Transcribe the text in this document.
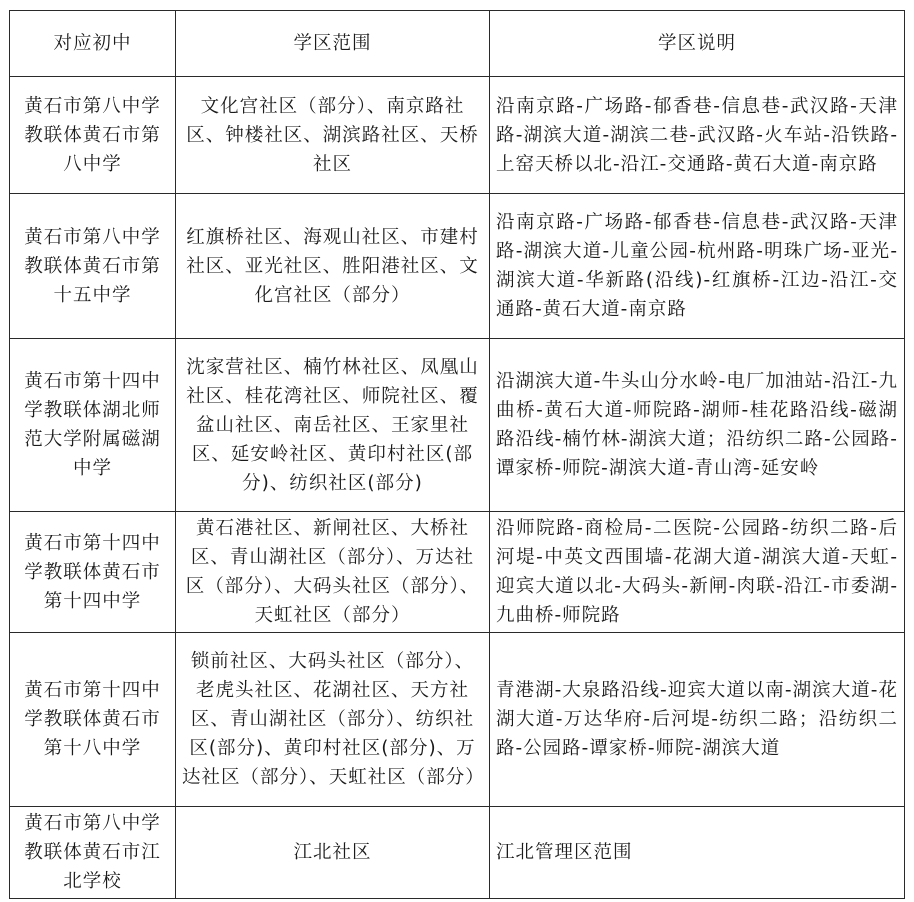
对应初中	学区范围	学区说明
黄石市第八中学教联体黄石市第八中学	文化宫社区（部分）、南京路社区、钟楼社区、湖滨路社区、天桥社区	沿南京路-广场路-郁香巷-信息巷-武汉路-天津路-湖滨大道-湖滨二巷-武汉路-火车站-沿铁路-上窑天桥以北-沿江-交通路-黄石大道-南京路
黄石市第八中学教联体黄石市第十五中学	红旗桥社区、海观山社区、市建村社区、亚光社区、胜阳港社区、文化宫社区（部分）	沿南京路-广场路-郁香巷-信息巷-武汉路-天津路-湖滨大道-儿童公园-杭州路-明珠广场-亚光-湖滨大道-华新路(沿线)-红旗桥-江边-沿江-交通路-黄石大道-南京路
黄石市第十四中学教联体湖北师范大学附属磁湖中学	沈家营社区、楠竹林社区、凤凰山社区、桂花湾社区、师院社区、覆盆山社区、南岳社区、王家里社区、延安岭社区、黄印村社区(部分)、纺织社区(部分)	沿湖滨大道-牛头山分水岭-电厂加油站-沿江-九曲桥-黄石大道-师院路-湖师-桂花路沿线-磁湖路沿线-楠竹林-湖滨大道；沿纺织二路-公园路-谭家桥-师院-湖滨大道-青山湾-延安岭
黄石市第十四中学教联体黄石市第十四中学	黄石港社区、新闸社区、大桥社区、青山湖社区（部分）、万达社区（部分）、大码头社区（部分）、天虹社区（部分）	沿师院路-商检局-二医院-公园路-纺织二路-后河堤-中英文西围墙-花湖大道-湖滨大道-天虹-迎宾大道以北-大码头-新闸-肉联-沿江-市委湖-九曲桥-师院路
黄石市第十四中学教联体黄石市第十八中学	锁前社区、大码头社区（部分）、老虎头社区、花湖社区、天方社区、青山湖社区（部分）、纺织社区(部分)、黄印村社区(部分)、万达社区（部分）、天虹社区（部分）	青港湖-大泉路沿线-迎宾大道以南-湖滨大道-花湖大道-万达华府-后河堤-纺织二路；沿纺织二路-公园路-谭家桥-师院-湖滨大道
黄石市第八中学教联体黄石市江北学校	江北社区	江北管理区范围
